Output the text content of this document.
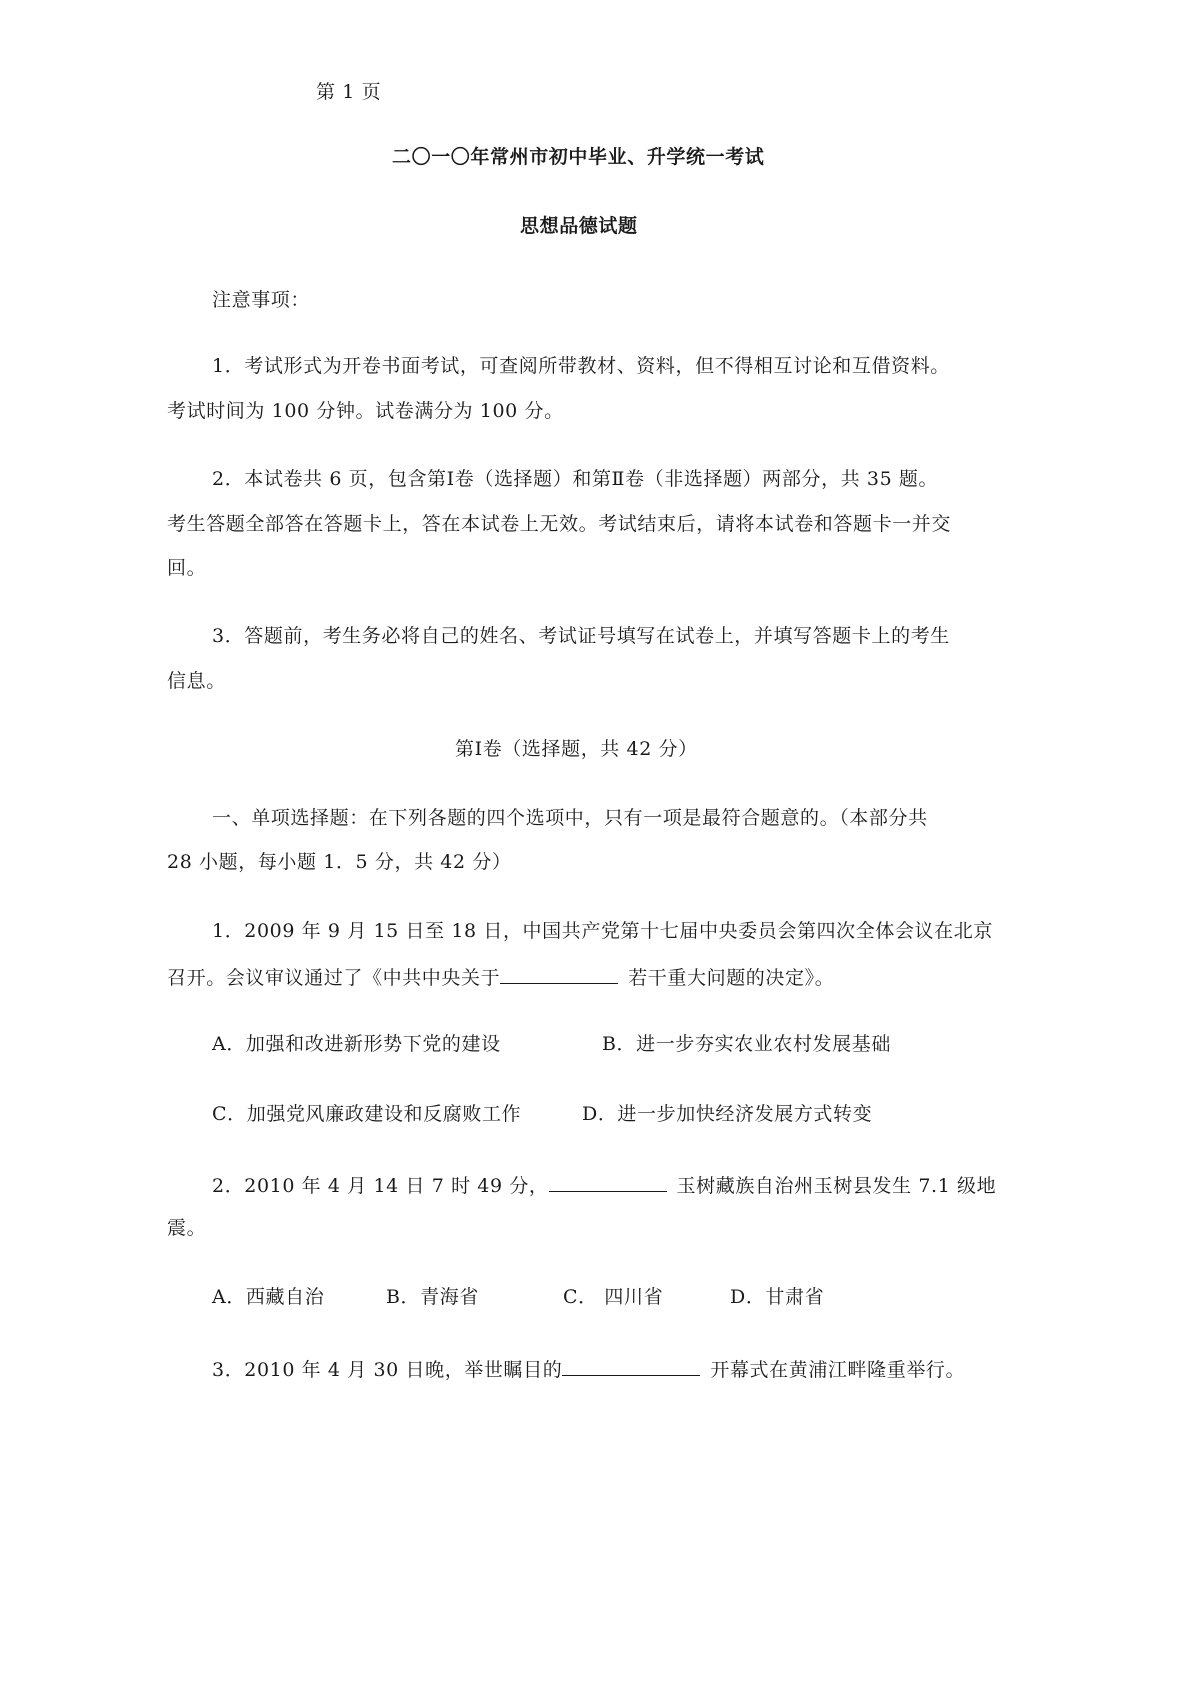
第 1 页
二〇一〇年常州市初中毕业、升学统一考试
思想品德试题
注意事项：
1．考试形式为开卷书面考试，可查阅所带教材、资料，但不得相互讨论和互借资料。
考试时间为 100 分钟。试卷满分为 100 分。
2．本试卷共 6 页，包含第Ⅰ卷（选择题）和第Ⅱ卷（非选择题）两部分，共 35 题。
考生答题全部答在答题卡上，答在本试卷上无效。考试结束后，请将本试卷和答题卡一并交
回。
3．答题前，考生务必将自己的姓名、考试证号填写在试卷上，并填写答题卡上的考生
信息。
第Ⅰ卷（选择题，共 42 分）
一、单项选择题：在下列各题的四个选项中，只有一项是最符合题意的。（本部分共
28 小题，每小题 1．5 分，共 42 分）
1．2009 年 9 月 15 日至 18 日，中国共产党第十七届中央委员会第四次全体会议在北京
召开。会议审议通过了《中共中央关于	若干重大问题的决定》。
A．加强和改进新形势下党的建设	B．进一步夯实农业农村发展基础
C．加强党风廉政建设和反腐败工作	D．进一步加快经济发展方式转变
2．2010 年 4 月 14 日 7 时 49 分，	玉树藏族自治州玉树县发生 7.1 级地
震。
A．西藏自治	B．青海省	C． 四川省	D．甘肃省
3．2010 年 4 月 30 日晚，举世瞩目的	开幕式在黄浦江畔隆重举行。
